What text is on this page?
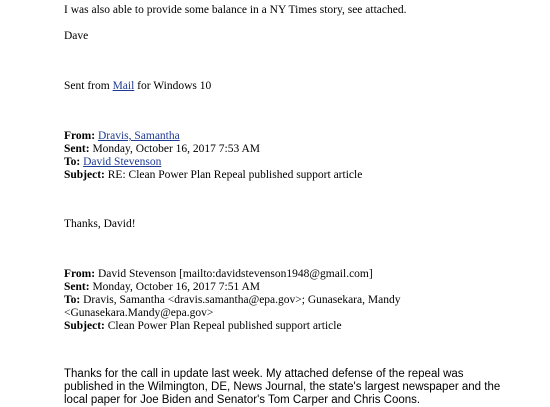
I was also able to provide some balance in a NY Times story, see attached.
Dave
Sent from Mail for Windows 10
From: Dravis, Samantha
Sent: Monday, October 16, 2017 7:53 AM
To: David Stevenson
Subject: RE: Clean Power Plan Repeal published support article
Thanks, David!
From: David Stevenson [mailto:davidstevenson1948@gmail.com]
Sent: Monday, October 16, 2017 7:51 AM
To: Dravis, Samantha <dravis.samantha@epa.gov>; Gunasekara, Mandy
<Gunasekara.Mandy@epa.gov>
Subject: Clean Power Plan Repeal published support article
Thanks for the call in update last week. My attached defense of the repeal was
published in the Wilmington, DE, News Journal, the state's largest newspaper and the
local paper for Joe Biden and Senator's Tom Carper and Chris Coons.
